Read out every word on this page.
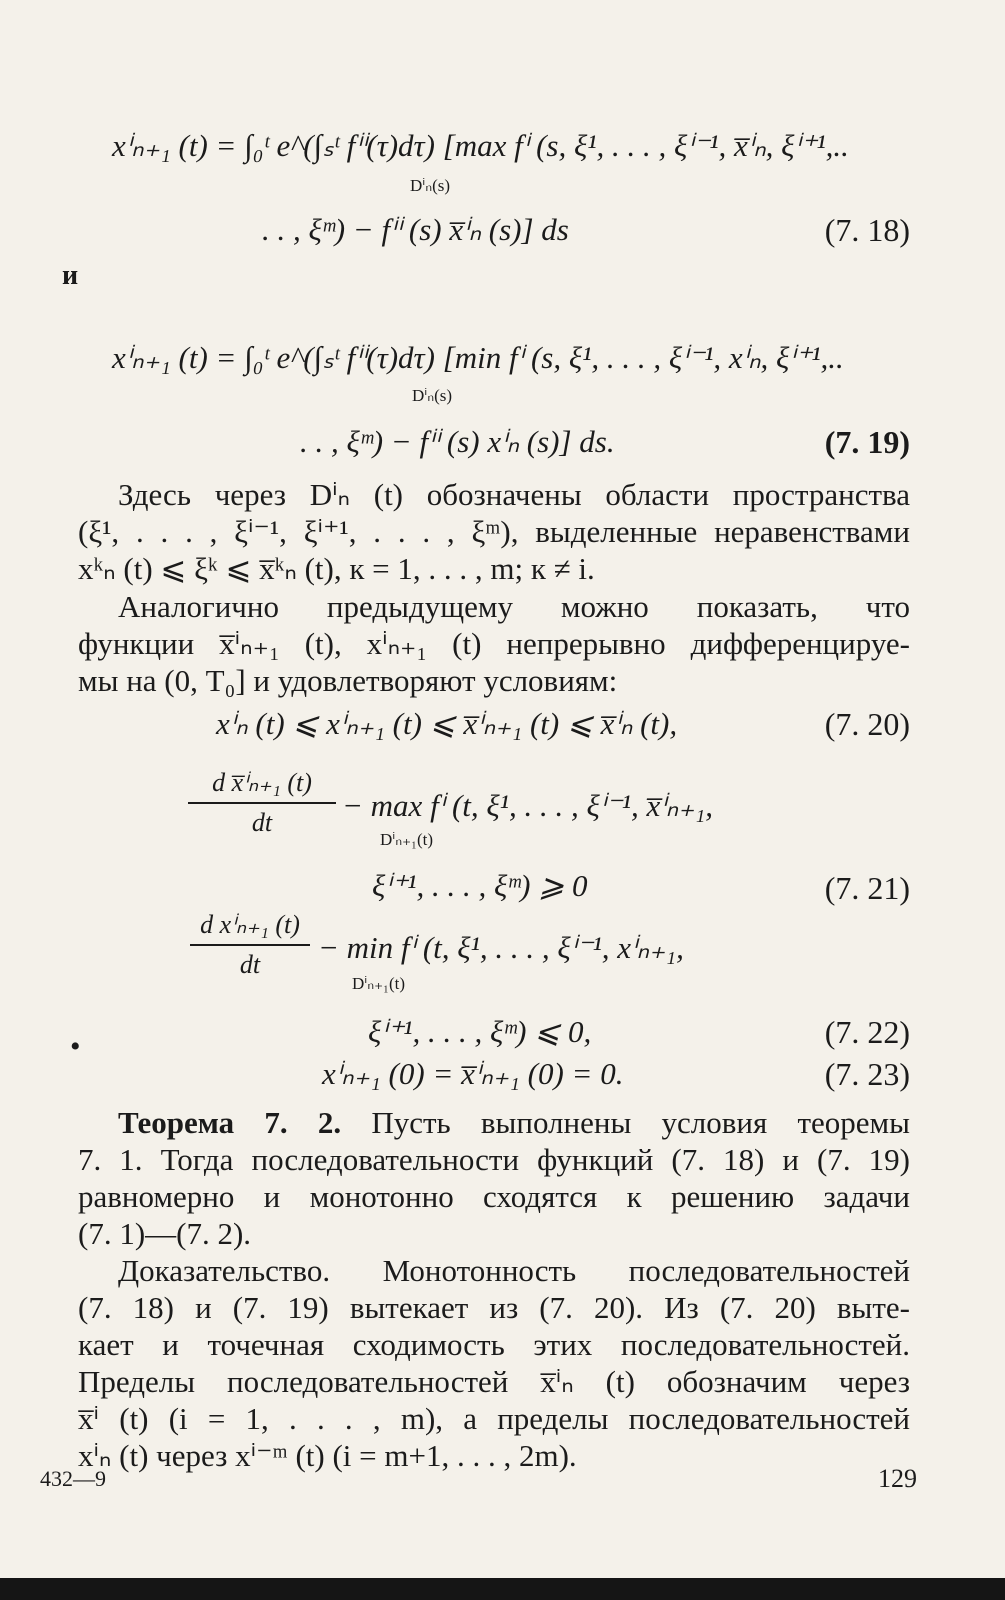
xⁱₙ₊₁ (t) = ∫₀ᵗ e^(∫ₛᵗ fⁱⁱ(τ)dτ) [max fⁱ (s, ξ¹, . . . , ξⁱ⁻¹, x̅ⁱₙ, ξⁱ⁺¹,..
Dⁱₙ(s)
. . , ξᵐ) − fⁱⁱ (s) x̅ⁱₙ (s)] ds	(7. 18)
и
xⁱₙ₊₁ (t) = ∫₀ᵗ e^(∫ₛᵗ fⁱⁱ(τ)dτ) [min fⁱ (s, ξ¹, . . . , ξⁱ⁻¹, xⁱₙ, ξⁱ⁺¹,..
Dⁱₙ(s)
. . , ξᵐ) − fⁱⁱ (s) xⁱₙ (s)] ds.	(7. 19)
Здесь через Dⁱₙ (t) обозначены области пространства
(ξ¹, . . . , ξⁱ⁻¹, ξⁱ⁺¹, . . . , ξᵐ), выделенные неравенствами
xᵏₙ (t) ⩽ ξᵏ ⩽ x̅ᵏₙ (t), к = 1, . . . , m; к ≠ i.
Аналогично предыдущему можно показать, что
функции x̅ⁱₙ₊₁ (t), xⁱₙ₊₁ (t) непрерывно дифференцируе-
мы на (0, T₀] и удовлетворяют условиям:
xⁱₙ (t) ⩽ xⁱₙ₊₁ (t) ⩽ x̅ⁱₙ₊₁ (t) ⩽ x̅ⁱₙ (t),	(7. 20)
d x̅ⁱₙ₊₁ (t)
dt	− max fⁱ (t, ξ¹, . . . , ξⁱ⁻¹, x̅ⁱₙ₊₁,
Dⁱₙ₊₁(t)
ξⁱ⁺¹, . . . , ξᵐ) ⩾ 0	(7. 21)
d xⁱₙ₊₁ (t)
dt	− min fⁱ (t, ξ¹, . . . , ξⁱ⁻¹, xⁱₙ₊₁,
Dⁱₙ₊₁(t)
ξⁱ⁺¹, . . . , ξᵐ) ⩽ 0,	(7. 22)
xⁱₙ₊₁ (0) = x̅ⁱₙ₊₁ (0) = 0.	(7. 23)
•
Теорема 7. 2. Пусть выполнены условия теоремы
7. 1. Тогда последовательности функций (7. 18) и (7. 19)
равномерно и монотонно сходятся к решению задачи
(7. 1)—(7. 2).
Доказательство. Монотонность последовательностей
(7. 18) и (7. 19) вытекает из (7. 20). Из (7. 20) выте-
кает и точечная сходимость этих последовательностей.
Пределы последовательностей x̅ⁱₙ (t) обозначим через
x̅ⁱ (t) (i = 1, . . . , m), а пределы последовательностей
xⁱₙ (t) через xⁱ⁻ᵐ (t) (i = m+1, . . . , 2m).
432—9	129
